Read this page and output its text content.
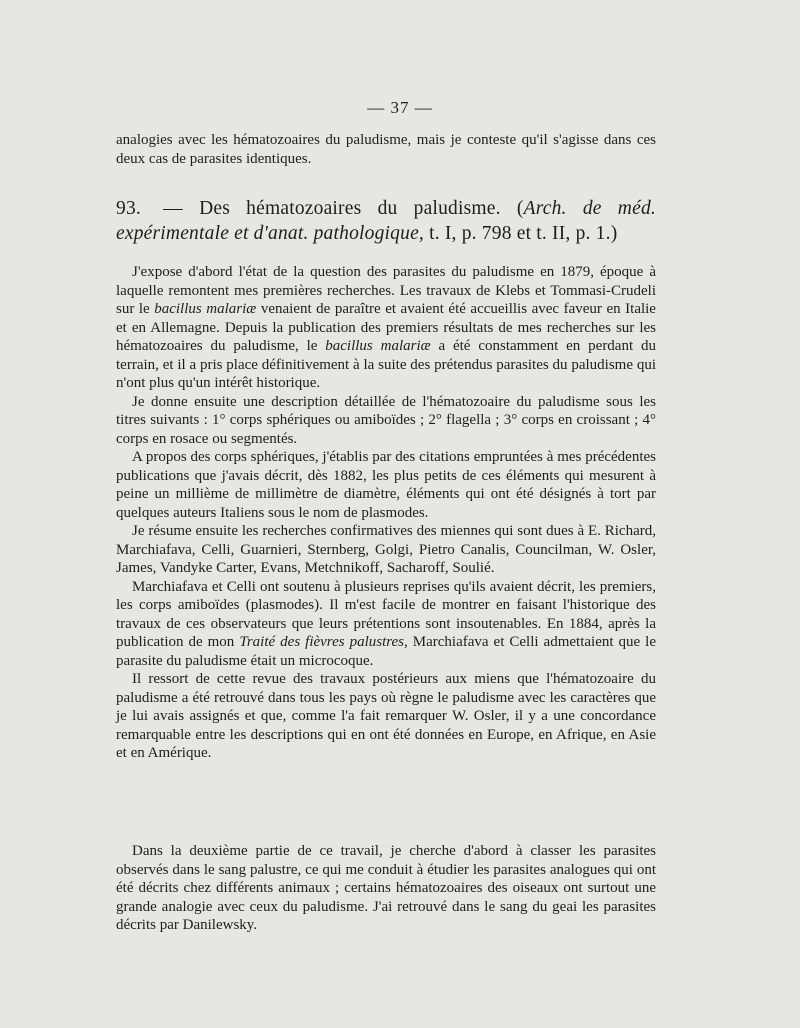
— 37 —

analogies avec les hématozoaires du paludisme, mais je conteste qu'il s'agisse dans ces deux cas de parasites identiques.

93. — Des hématozoaires du paludisme. (Arch. de méd. expérimentale et d'anat. pathologique, t. I, p. 798 et t. II, p. 1.)

J'expose d'abord l'état de la question des parasites du paludisme en 1879, époque à laquelle remontent mes premières recherches. Les travaux de Klebs et Tommasi-Crudeli sur le bacillus malariæ venaient de paraître et avaient été accueillis avec faveur en Italie et en Allemagne. Depuis la publication des premiers résultats de mes recherches sur les hématozoaires du paludisme, le bacillus malariæ a été constamment en perdant du terrain, et il a pris place définitivement à la suite des prétendus parasites du paludisme qui n'ont plus qu'un intérêt historique.

Je donne ensuite une description détaillée de l'hématozoaire du paludisme sous les titres suivants : 1° corps sphériques ou amiboïdes ; 2° flagella ; 3° corps en croissant ; 4° corps en rosace ou segmentés.

A propos des corps sphériques, j'établis par des citations empruntées à mes précédentes publications que j'avais décrit, dès 1882, les plus petits de ces éléments qui mesurent à peine un millième de millimètre de diamètre, éléments qui ont été désignés à tort par quelques auteurs Italiens sous le nom de plasmodes.

Je résume ensuite les recherches confirmatives des miennes qui sont dues à E. Richard, Marchiafava, Celli, Guarnieri, Sternberg, Golgi, Pietro Canalis, Councilman, W. Osler, James, Vandyke Carter, Evans, Metchnikoff, Sacharoff, Soulié.

Marchiafava et Celli ont soutenu à plusieurs reprises qu'ils avaient décrit, les premiers, les corps amiboïdes (plasmodes). Il m'est facile de montrer en faisant l'historique des travaux de ces observateurs que leurs prétentions sont insoutenables. En 1884, après la publication de mon Traité des fièvres palustres, Marchiafava et Celli admettaient que le parasite du paludisme était un microcoque.

Il ressort de cette revue des travaux postérieurs aux miens que l'hématozoaire du paludisme a été retrouvé dans tous les pays où règne le paludisme avec les caractères que je lui avais assignés et que, comme l'a fait remarquer W. Osler, il y a une concordance remarquable entre les descriptions qui en ont été données en Europe, en Afrique, en Asie et en Amérique.

Dans la deuxième partie de ce travail, je cherche d'abord à classer les parasites observés dans le sang palustre, ce qui me conduit à étudier les parasites analogues qui ont été décrits chez différents animaux ; certains hématozoaires des oiseaux ont surtout une grande analogie avec ceux du paludisme. J'ai retrouvé dans le sang du geai les parasites décrits par Danilewsky.
